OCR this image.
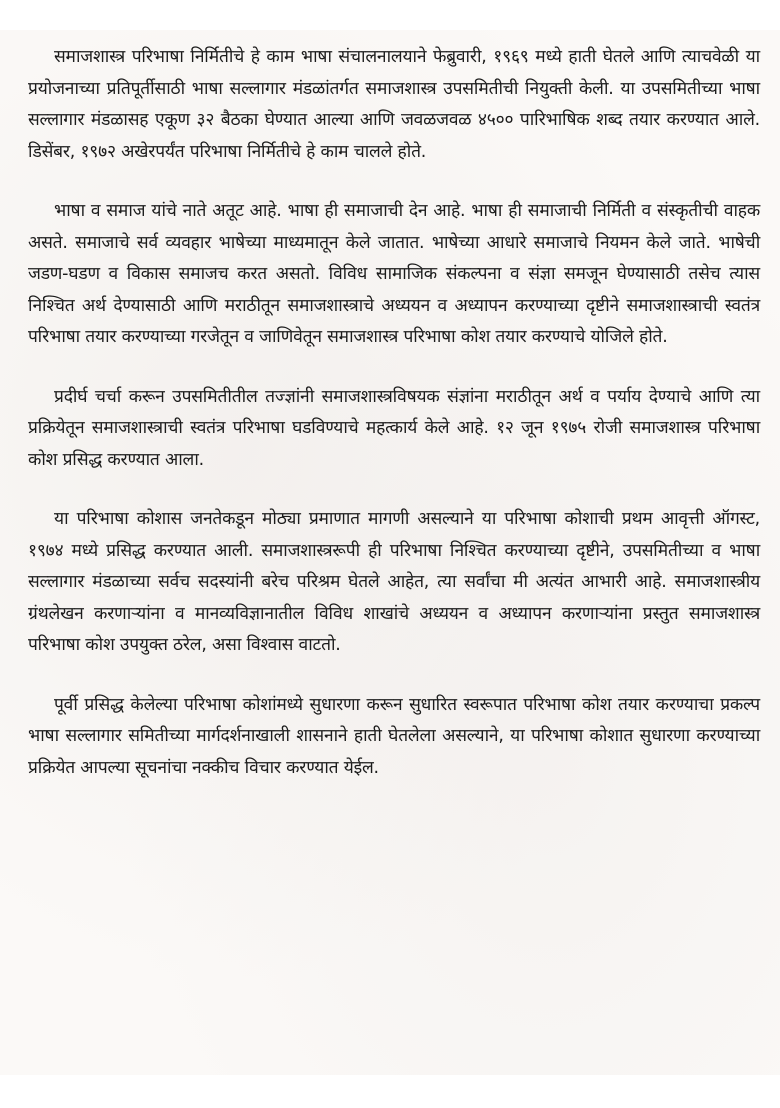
समाजशास्त्र परिभाषा निर्मितीचे हे काम भाषा संचालनालयाने फेब्रुवारी, १९६९ मध्ये हाती घेतले आणि त्याचवेळी या प्रयोजनाच्या प्रतिपूर्तीसाठी भाषा सल्लागार मंडळांतर्गत समाजशास्त्र उपसमितीची नियुक्ती केली. या उपसमितीच्या भाषा सल्लागार मंडळासह एकूण ३२ बैठका घेण्यात आल्या आणि जवळजवळ ४५०० पारिभाषिक शब्द तयार करण्यात आले. डिसेंबर, १९७२ अखेरपर्यंत परिभाषा निर्मितीचे हे काम चालले होते.

भाषा व समाज यांचे नाते अतूट आहे. भाषा ही समाजाची देन आहे. भाषा ही समाजाची निर्मिती व संस्कृतीची वाहक असते. समाजाचे सर्व व्यवहार भाषेच्या माध्यमातून केले जातात. भाषेच्या आधारे समाजाचे नियमन केले जाते. भाषेची जडण-घडण व विकास समाजच करत असतो. विविध सामाजिक संकल्पना व संज्ञा समजून घेण्यासाठी तसेच त्यास निश्चित अर्थ देण्यासाठी आणि मराठीतून समाजशास्त्राचे अध्ययन व अध्यापन करण्याच्या दृष्टीने समाजशास्त्राची स्वतंत्र परिभाषा तयार करण्याच्या गरजेतून व जाणिवेतून समाजशास्त्र परिभाषा कोश तयार करण्याचे योजिले होते.

प्रदीर्घ चर्चा करून उपसमितीतील तज्ज्ञांनी समाजशास्त्रविषयक संज्ञांना मराठीतून अर्थ व पर्याय देण्याचे आणि त्या प्रक्रियेतून समाजशास्त्राची स्वतंत्र परिभाषा घडविण्याचे महत्कार्य केले आहे. १२ जून १९७५ रोजी समाजशास्त्र परिभाषा कोश प्रसिद्ध करण्यात आला.

या परिभाषा कोशास जनतेकडून मोठ्या प्रमाणात मागणी असल्याने या परिभाषा कोशाची प्रथम आवृत्ती ऑगस्ट, १९७४ मध्ये प्रसिद्ध करण्यात आली. समाजशास्त्ररूपी ही परिभाषा निश्चित करण्याच्या दृष्टीने, उपसमितीच्या व भाषा सल्लागार मंडळाच्या सर्वच सदस्यांनी बरेच परिश्रम घेतले आहेत, त्या सर्वांचा मी अत्यंत आभारी आहे. समाजशास्त्रीय ग्रंथलेखन करणाऱ्यांना व मानव्यविज्ञानातील विविध शाखांचे अध्ययन व अध्यापन करणाऱ्यांना प्रस्तुत समाजशास्त्र परिभाषा कोश उपयुक्त ठरेल, असा विश्वास वाटतो.

पूर्वी प्रसिद्ध केलेल्या परिभाषा कोशांमध्ये सुधारणा करून सुधारित स्वरूपात परिभाषा कोश तयार करण्याचा प्रकल्प भाषा सल्लागार समितीच्या मार्गदर्शनाखाली शासनाने हाती घेतलेला असल्याने, या परिभाषा कोशात सुधारणा करण्याच्या प्रक्रियेत आपल्या सूचनांचा नक्कीच विचार करण्यात येईल.
